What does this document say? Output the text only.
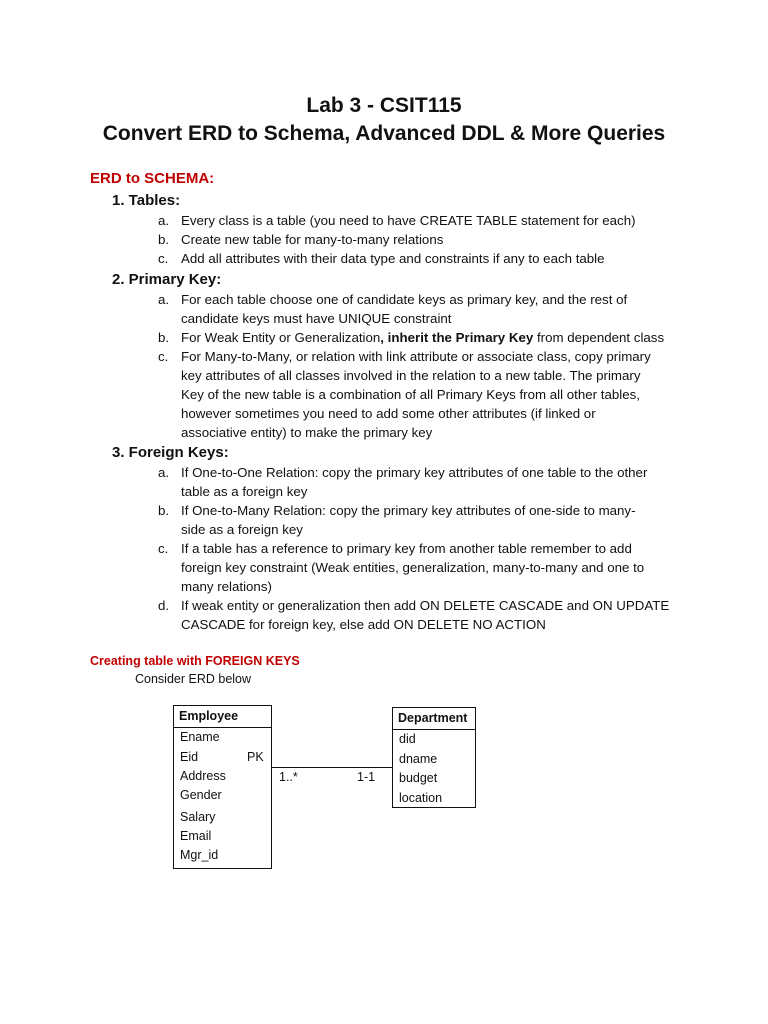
Lab 3 - CSIT115
Convert ERD to Schema, Advanced DDL & More Queries
ERD to SCHEMA:
1. Tables:
a. Every class is a table (you need to have CREATE TABLE statement for each)
b. Create new table for many-to-many relations
c. Add all attributes with their data type and constraints if any to each table
2. Primary Key:
a. For each table choose one of candidate keys as primary key, and the rest of
candidate keys must have UNIQUE constraint
b. For Weak Entity or Generalization, inherit the Primary Key from dependent class
c. For Many-to-Many, or relation with link attribute or associate class, copy primary
key attributes of all classes involved in the relation to a new table. The primary
Key of the new table is a combination of all Primary Keys from all other tables,
however sometimes you need to add some other attributes (if linked or
associative entity) to make the primary key
3. Foreign Keys:
a. If One-to-One Relation: copy the primary key attributes of one table to the other
table as a foreign key
b. If One-to-Many Relation: copy the primary key attributes of one-side to many-
side as a foreign key
c. If a table has a reference to primary key from another table remember to add
foreign key constraint (Weak entities, generalization, many-to-many and one to
many relations)
d. If weak entity or generalization then add ON DELETE CASCADE and ON UPDATE
CASCADE for foreign key, else add ON DELETE NO ACTION
Creating table with FOREIGN KEYS
Consider ERD below
Employee
Ename
Eid	PK
Address
Gender
Salary
Email
Mgr_id
1..*	1-1
Department
did
dname
budget
location
